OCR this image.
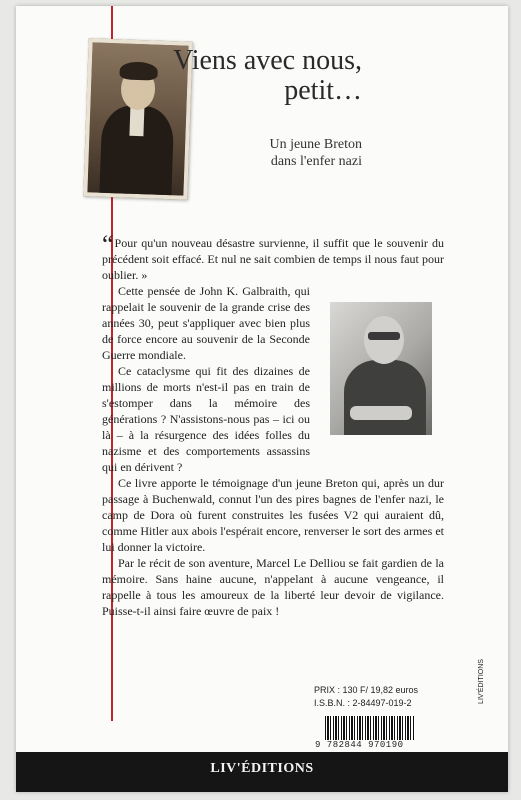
Viens avec nous,
petit…
Un jeune Breton
dans l'enfer nazi

“Pour qu'un nouveau désastre survienne, il suffit que le souvenir du précédent soit effacé. Et nul ne sait combien de temps il nous faut pour oublier. »

Cette pensée de John K. Galbraith, qui rappelait le souvenir de la grande crise des années 30, peut s'appliquer avec bien plus de force encore au souvenir de la Seconde Guerre mondiale.

Ce cataclysme qui fit des dizaines de millions de morts n'est-il pas en train de s'estomper dans la mémoire des générations ? N'assistons-nous pas – ici ou là – à la résurgence des idées folles du nazisme et des comportements assassins qui en dérivent ?

Ce livre apporte le témoignage d'un jeune Breton qui, après un dur passage à Buchenwald, connut l'un des pires bagnes de l'enfer nazi, le camp de Dora où furent construites les fusées V2 qui auraient dû, comme Hitler aux abois l'espérait encore, renverser le sort des armes et lui donner la victoire.

Par le récit de son aventure, Marcel Le Delliou se fait gardien de la mémoire. Sans haine aucune, n'appelant à aucune vengeance, il rappelle à tous les amoureux de la liberté leur devoir de vigilance. Puisse-t-il ainsi faire œuvre de paix !

PRIX : 130 F/ 19,82 euros
I.S.B.N. : 2-84497-019-2
9 782844 970190
LIV'ÉDITIONS
LIV'ÉDITIONS
